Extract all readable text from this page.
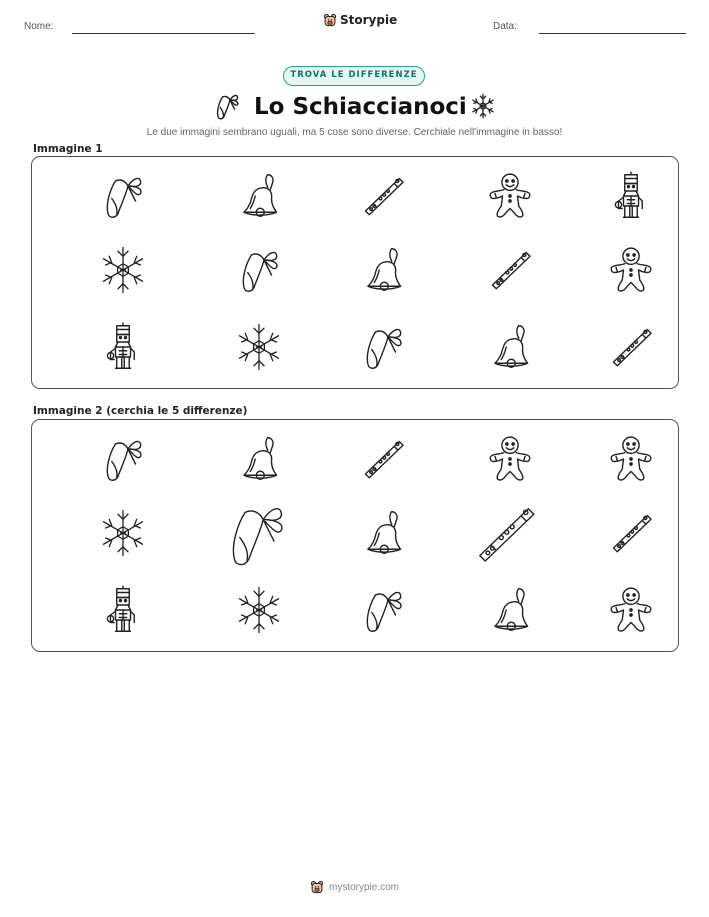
Nome:	Storypie	Data:
TROVA LE DIFFERENZE
Lo Schiaccianoci
Le due immagini sembrano uguali, ma 5 cose sono diverse. Cerchiale nell'immagine in basso!
Immagine 1
Immagine 2 (cerchia le 5 differenze)
mystorypie.com
